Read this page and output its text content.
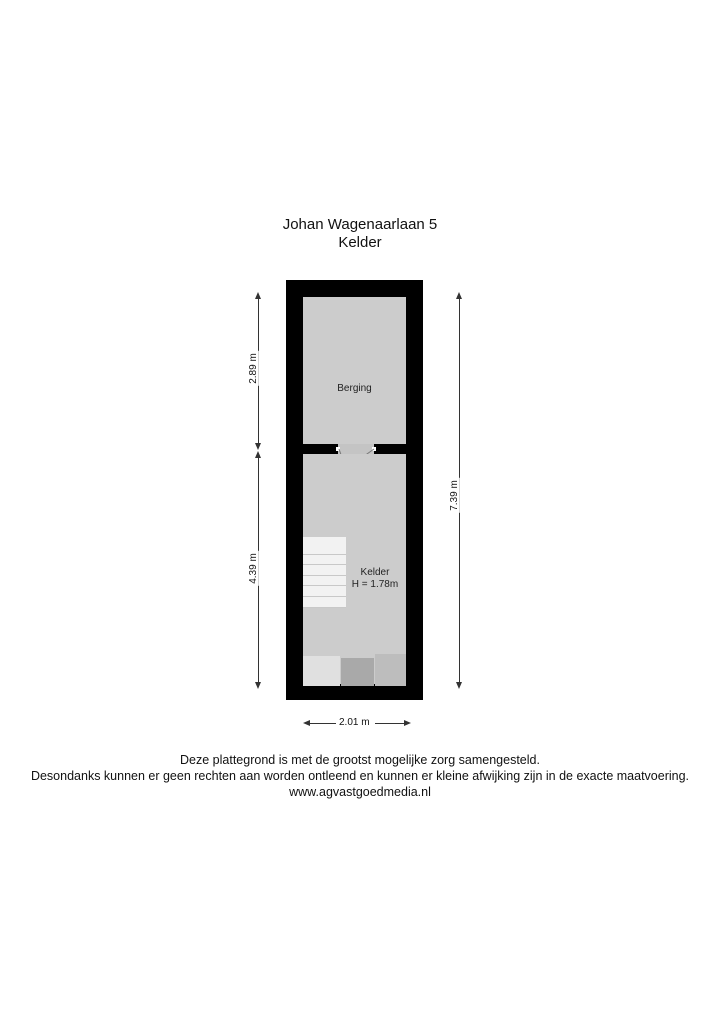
Johan Wagenaarlaan 5
Kelder
2.89 m
4.39 m
7.39 m
Berging
Kelder
H = 1.78m
2.01 m
Deze plattegrond is met de grootst mogelijke zorg samengesteld.
Desondanks kunnen er geen rechten aan worden ontleend en kunnen er kleine afwijking zijn in de exacte maatvoering.
www.agvastgoedmedia.nl
